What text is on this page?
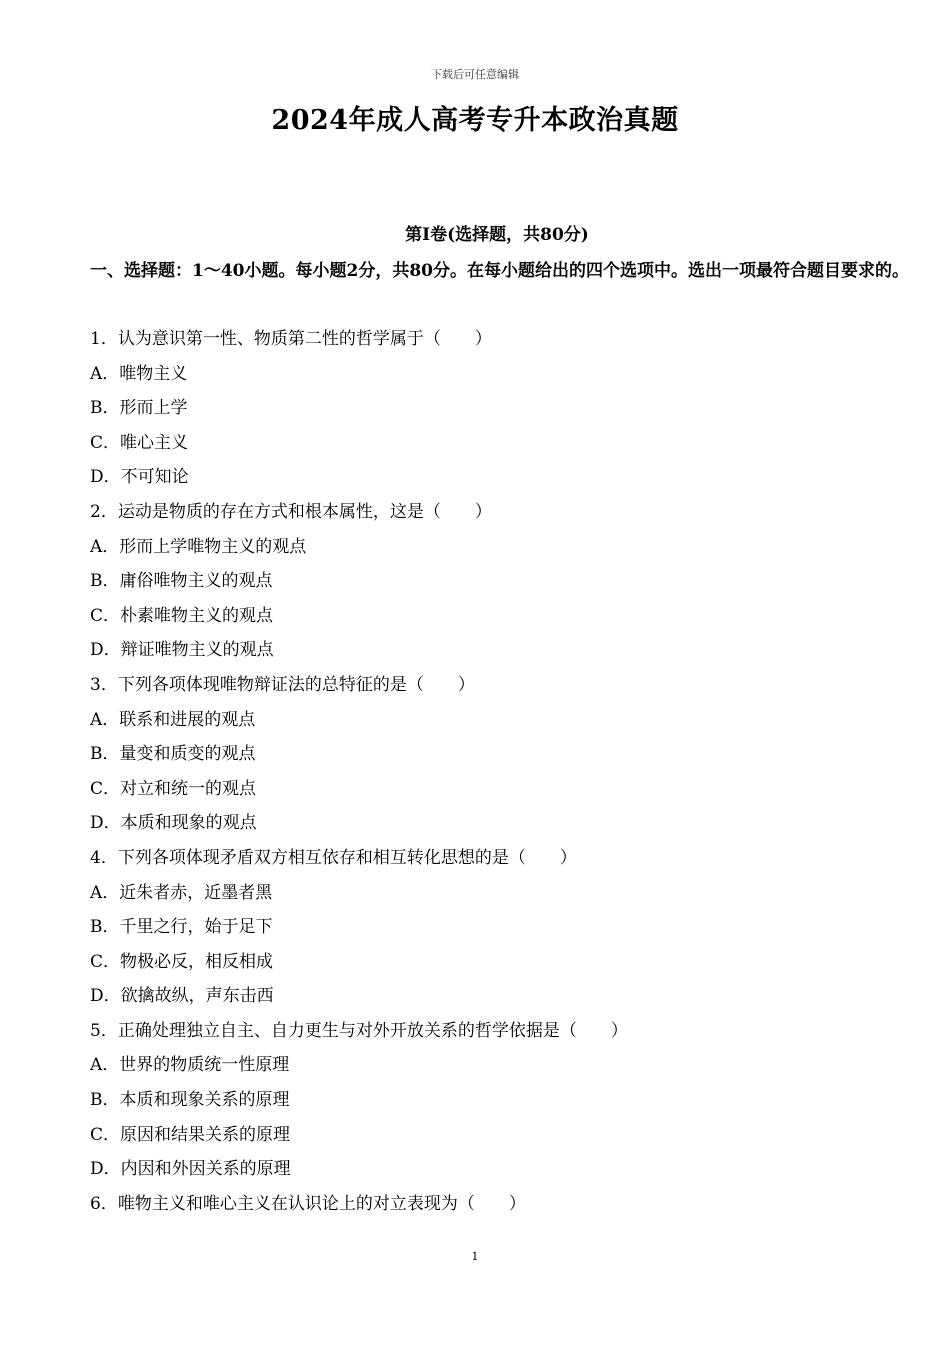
下载后可任意编辑
2024年成人高考专升本政治真题
第Ⅰ卷(选择题，共80分)
一、选择题：1～40小题。每小题2分，共80分。在每小题给出的四个选项中。选出一项最符合题目要求的。
1．认为意识第一性、物质第二性的哲学属于（　　）
A．唯物主义
B．形而上学
C．唯心主义
D．不可知论
2．运动是物质的存在方式和根本属性，这是（　　）
A．形而上学唯物主义的观点
B．庸俗唯物主义的观点
C．朴素唯物主义的观点
D．辩证唯物主义的观点
3．下列各项体现唯物辩证法的总特征的是（　　）
A．联系和进展的观点
B．量变和质变的观点
C．对立和统一的观点
D．本质和现象的观点
4．下列各项体现矛盾双方相互依存和相互转化思想的是（　　）
A．近朱者赤，近墨者黑
B．千里之行，始于足下
C．物极必反，相反相成
D．欲擒故纵，声东击西
5．正确处理独立自主、自力更生与对外开放关系的哲学依据是（　　）
A．世界的物质统一性原理
B．本质和现象关系的原理
C．原因和结果关系的原理
D．内因和外因关系的原理
6．唯物主义和唯心主义在认识论上的对立表现为（　　）
1
